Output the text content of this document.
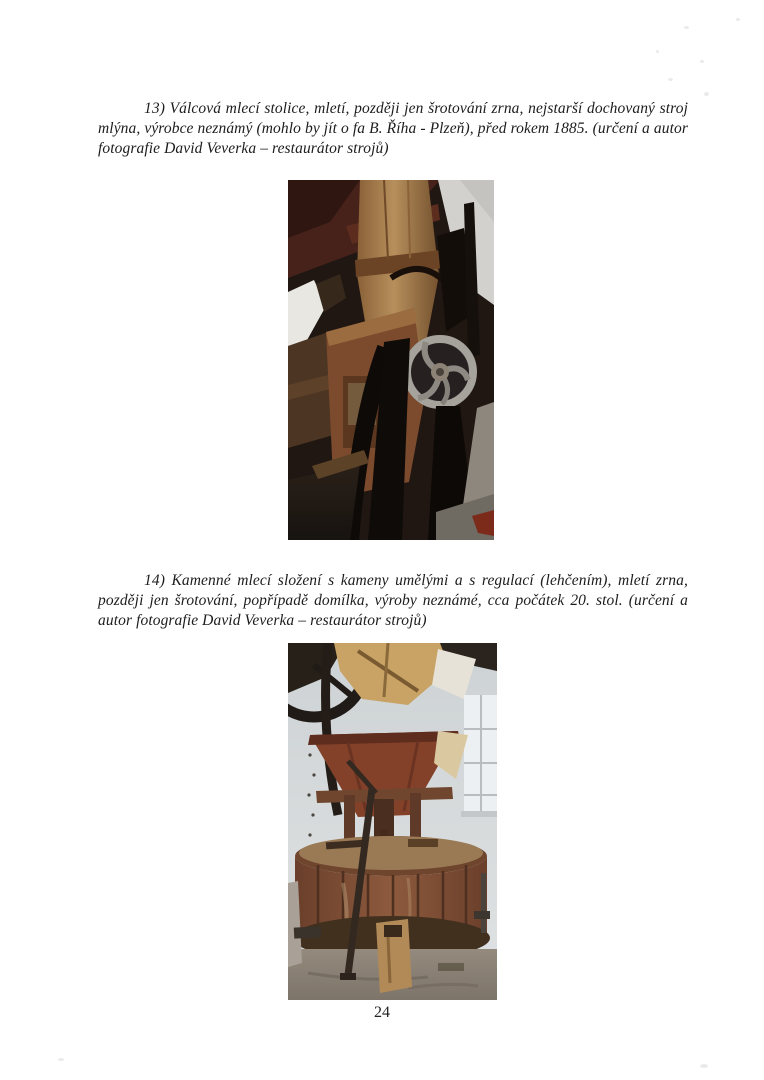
13) Válcová mlecí stolice, mletí, později jen šrotování zrna, nejstarší dochovaný stroj mlýna, výrobce neznámý (mohlo by jít o fa B. Říha - Plzeň), před rokem 1885. (určení a autor fotografie David Veverka – restaurátor strojů)

14) Kamenné mlecí složení s kameny umělými a s regulací (lehčením), mletí zrna, později jen šrotování, popřípadě domílka, výroby neznámé, cca počátek 20. stol. (určení a autor fotografie David Veverka – restaurátor strojů)

24
